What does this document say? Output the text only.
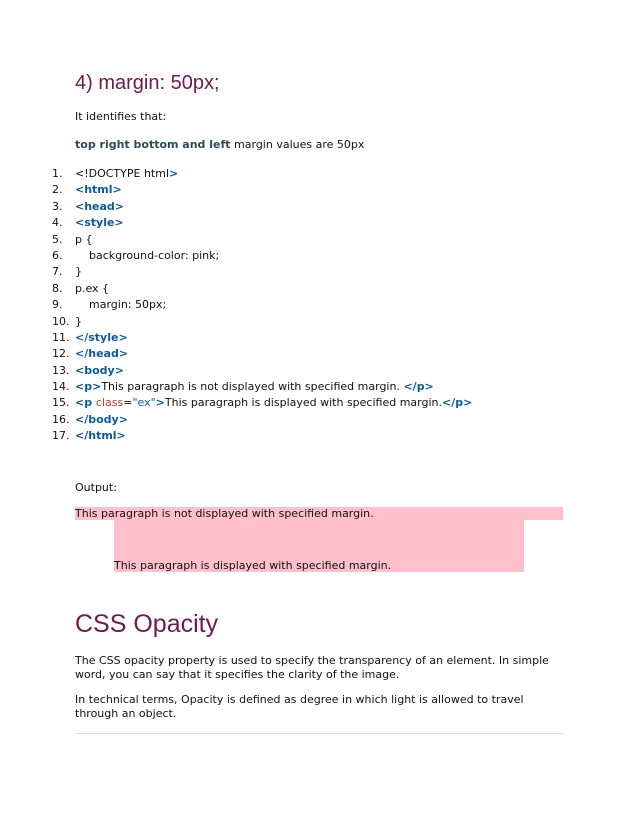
4) margin: 50px;
It identifies that:
top right bottom and left margin values are 50px
1.	<!DOCTYPE html >
2.	<html>
3.	<head>
4.	<style>
5.	p {
6.	background-color: pink;
7.	}
8.	p.ex {
9.	margin: 50px;
10. }
11. </style>
12. </head>
13. <body>
14. <p> This paragraph is not displayed with specified margin. </p>
15. <p class = "ex" > This paragraph is displayed with specified margin. </p>
16. </body>
17. </html>
Output:
This paragraph is not displayed with specified margin.
This paragraph is displayed with specified margin.
CSS Opacity
The CSS opacity property is used to specify the transparency of an element. In simple word, you can say that it specifies the clarity of the image.
In technical terms, Opacity is defined as degree in which light is allowed to travel through an object.
